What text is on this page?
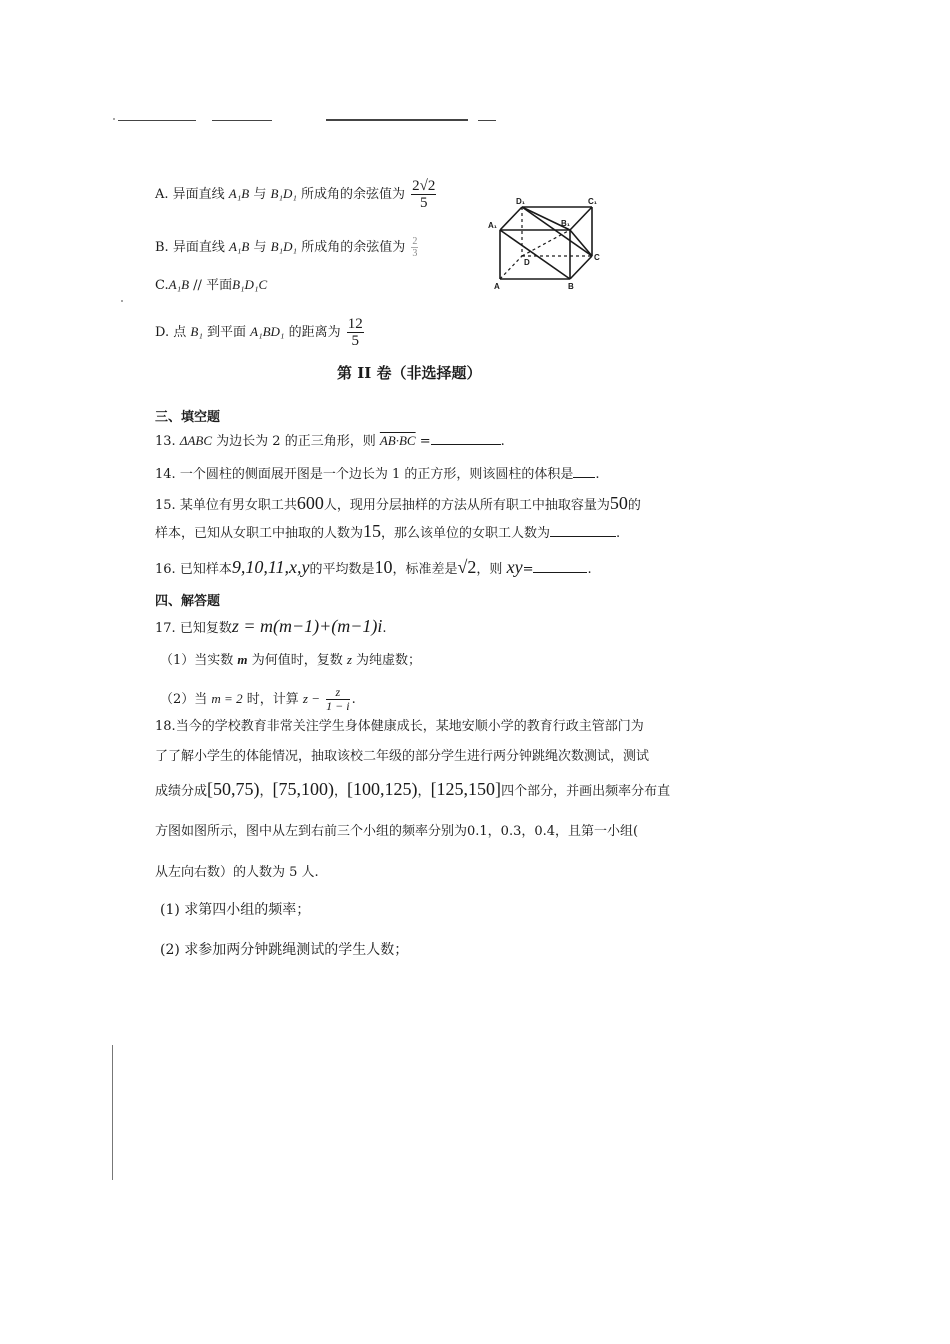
A. 异面直线 A₁B 与 B₁D₁ 所成角的余弦值为 $\frac{2√2}{5}$
B. 异面直线 A₁B 与 B₁D₁ 所成角的余弦值为 $\frac{2}{3}$
C.A₁B // 平面B₁D₁C
D. 点 B₁ 到平面 A₁BD₁ 的距离为 $\frac{12}{5}$
D₁	C₁
A₁	B₁
D
C
A	B
第 II 卷（非选择题）
三、填空题
13. ΔABC 为边长为 2 的正三角形，则 AB·BC =	.
14. 一个圆柱的侧面展开图是一个边长为 1 的正方形，则该圆柱的体积是 .
15. 某单位有男女职工共600人，现用分层抽样的方法从所有职工中抽取容量为50的
样本，已知从女职工中抽取的人数为15，那么该单位的女职工人数为	.
16. 已知样本9,10,11,x,y的平均数是10，标准差是√2，则 xy=	.
四、解答题
17. 已知复数z = m(m−1)+(m−1)i.
（1）当实数 m 为何值时，复数 z 为纯虚数；
（2）当 m = 2 时，计算 $z - \frac{z}{1 - i}$ .
18.当今的学校教育非常关注学生身体健康成长，某地安顺小学的教育行政主管部门为
了了解小学生的体能情况，抽取该校二年级的部分学生进行两分钟跳绳次数测试，测试
成绩分成[50,75)，[75,100)，[100,125)，[125,150]四个部分，并画出频率分布直
方图如图所示，图中从左到右前三个小组的频率分别为0.1，0.3，0.4，且第一小组(
从左向右数）的人数为 5 人.
(1) 求第四小组的频率；
(2) 求参加两分钟跳绳测试的学生人数；
